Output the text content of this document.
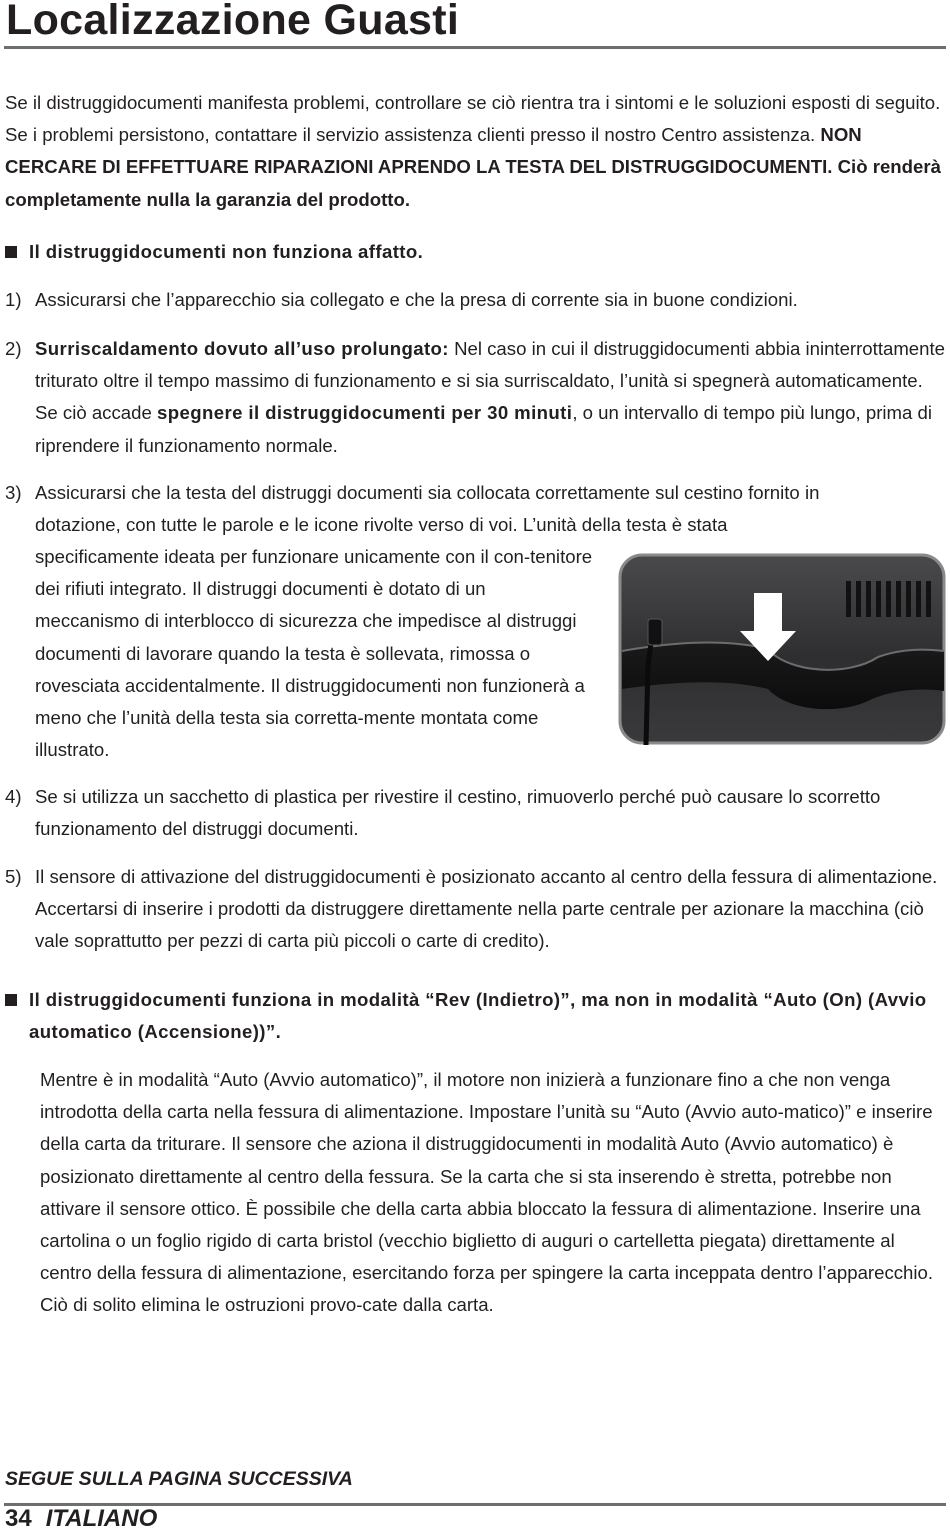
Localizzazione Guasti
Se il distruggidocumenti manifesta problemi, controllare se ciò rientra tra i sintomi e le soluzioni esposti di seguito. Se i problemi persistono, contattare il servizio assistenza clienti presso il nostro Centro assistenza. NON CERCARE DI EFFETTUARE RIPARAZIONI APRENDO LA TESTA DEL DISTRUGGIDOCUMENTI. Ciò renderà completamente nulla la garanzia del prodotto.
Il distruggidocumenti non funziona affatto.
1) Assicurarsi che l’apparecchio sia collegato e che la presa di corrente sia in buone condizioni.
2) Surriscaldamento dovuto all’uso prolungato: Nel caso in cui il distruggidocumenti abbia ininterrottamente triturato oltre il tempo massimo di funzionamento e si sia surriscaldato, l’unità si spegnerà automaticamente. Se ciò accade spegnere il distruggidocumenti per 30 minuti, o un intervallo di tempo più lungo, prima di riprendere il funzionamento normale.
3) Assicurarsi che la testa del distruggi documenti sia collocata correttamente sul cestino fornito in
dotazione, con tutte le parole e le icone rivolte verso di voi. L’unità della testa è stata
specificamente ideata per funzionare unicamente con il con-tenitore dei rifiuti integrato. Il distruggi documenti è dotato di un meccanismo di interblocco di sicurezza che impedisce al distruggi documenti di lavorare quando la testa è sollevata, rimossa o rovesciata accidentalmente. Il distruggidocumenti non funzionerà a meno che l’unità della testa sia corretta-mente montata come illustrato.
4) Se si utilizza un sacchetto di plastica per rivestire il cestino, rimuoverlo perché può causare lo scorretto funzionamento del distruggi documenti.
5) Il sensore di attivazione del distruggidocumenti è posizionato accanto al centro della fessura di alimentazione. Accertarsi di inserire i prodotti da distruggere direttamente nella parte centrale per azionare la macchina (ciò vale soprattutto per pezzi di carta più piccoli o carte di credito).
Il distruggidocumenti funziona in modalità “Rev (Indietro)”, ma non in modalità “Auto (On) (Avvio automatico (Accensione))”.
Mentre è in modalità “Auto (Avvio automatico)”, il motore non inizierà a funzionare fino a che non venga introdotta della carta nella fessura di alimentazione. Impostare l’unità su “Auto (Avvio auto-matico)” e inserire della carta da triturare. Il sensore che aziona il distruggidocumenti in modalità Auto (Avvio automatico) è posizionato direttamente al centro della fessura. Se la carta che si sta inserendo è stretta, potrebbe non attivare il sensore ottico. È possibile che della carta abbia bloccato la fessura di alimentazione. Inserire una cartolina o un foglio rigido di carta bristol (vecchio biglietto di auguri o cartelletta piegata) direttamente al centro della fessura di alimentazione, esercitando forza per spingere la carta inceppata dentro l’apparecchio. Ciò di solito elimina le ostruzioni provo-cate dalla carta.
SEGUE SULLA PAGINA SUCCESSIVA
34 ITALIANO
